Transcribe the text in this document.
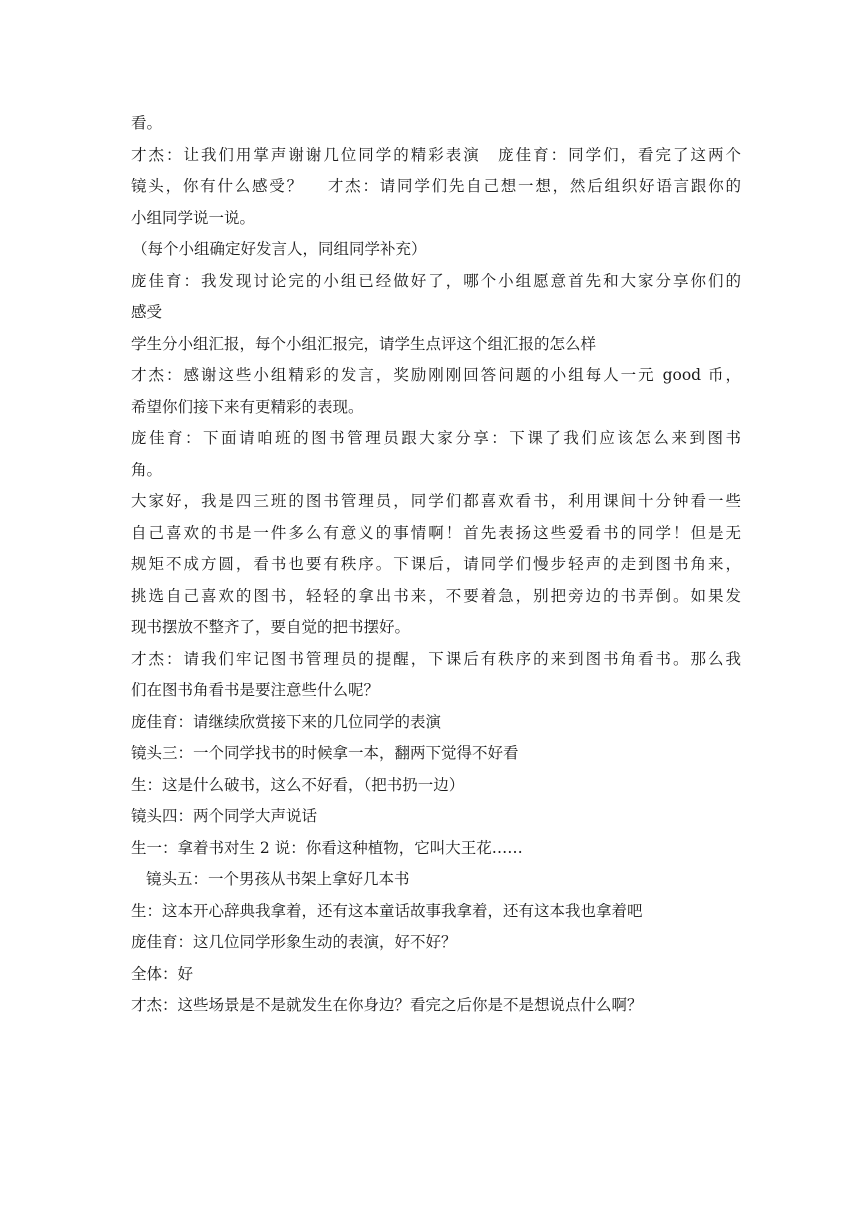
看。

才杰：让我们用掌声谢谢几位同学的精彩表演　庞佳育：同学们，看完了这两个

镜头，你有什么感受？　 才杰：请同学们先自己想一想，然后组织好语言跟你的

小组同学说一说。

（每个小组确定好发言人，同组同学补充）

庞佳育：我发现讨论完的小组已经做好了，哪个小组愿意首先和大家分享你们的

感受

学生分小组汇报，每个小组汇报完，请学生点评这个组汇报的怎么样

才杰：感谢这些小组精彩的发言，奖励刚刚回答问题的小组每人一元 good 币，

希望你们接下来有更精彩的表现。

庞佳育：下面请咱班的图书管理员跟大家分享：下课了我们应该怎么来到图书

角。

大家好，我是四三班的图书管理员，同学们都喜欢看书，利用课间十分钟看一些

自己喜欢的书是一件多么有意义的事情啊！首先表扬这些爱看书的同学！但是无

规矩不成方圆，看书也要有秩序。下课后，请同学们慢步轻声的走到图书角来，

挑选自己喜欢的图书，轻轻的拿出书来，不要着急，别把旁边的书弄倒。如果发

现书摆放不整齐了，要自觉的把书摆好。

才杰：请我们牢记图书管理员的提醒，下课后有秩序的来到图书角看书。那么我

们在图书角看书是要注意些什么呢？

庞佳育：请继续欣赏接下来的几位同学的表演

镜头三：一个同学找书的时候拿一本，翻两下觉得不好看

生：这是什么破书，这么不好看，（把书扔一边）

镜头四：两个同学大声说话

生一：拿着书对生 2 说：你看这种植物，它叫大王花……

镜头五：一个男孩从书架上拿好几本书

生：这本开心辞典我拿着，还有这本童话故事我拿着，还有这本我也拿着吧

庞佳育：这几位同学形象生动的表演，好不好？

全体：好

才杰：这些场景是不是就发生在你身边？看完之后你是不是想说点什么啊？
